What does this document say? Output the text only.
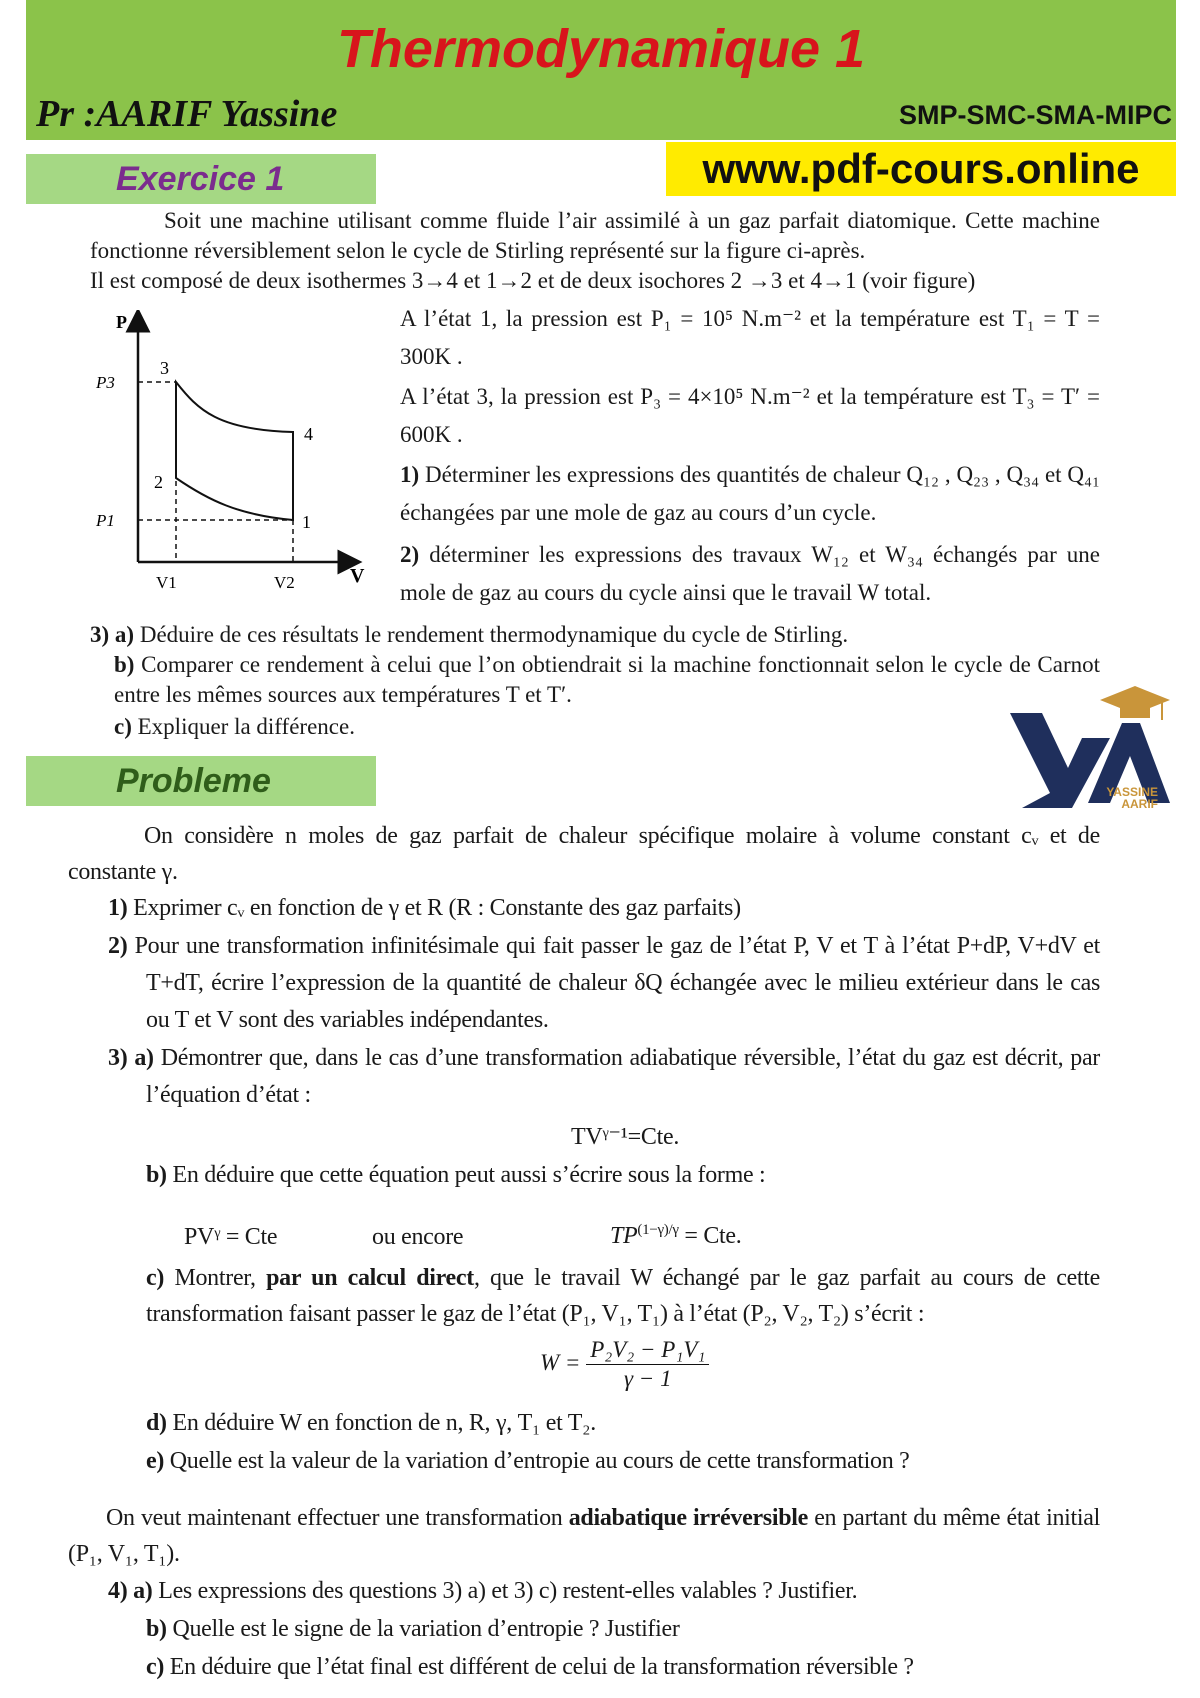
Thermodynamique 1
Pr :AARIF Yassine	SMP-SMC-SMA-MIPC
www.pdf-cours.online
Exercice 1
Soit une machine utilisant comme fluide l’air assimilé à un gaz parfait diatomique. Cette machine fonctionne réversiblement selon le cycle de Stirling représenté sur la figure ci-après.
Il est composé de deux isothermes 3→4 et 1→2 et de deux isochores 2 →3 et 4→1 (voir figure)
P
V
P3
P1
V1	V2
3
4
2
1
A l’état 1, la pression est P₁ = 10⁵ N.m⁻² et la température est T₁ = T = 300K .
A l’état 3, la pression est P₃ = 4×10⁵ N.m⁻² et la température est T₃ = T′ = 600K .
1) Déterminer les expressions des quantités de chaleur Q₁₂ , Q₂₃ , Q₃₄ et Q₄₁ échangées par une mole de gaz au cours d’un cycle.
2) déterminer les expressions des travaux W₁₂ et W₃₄ échangés par une mole de gaz au cours du cycle ainsi que le travail W total.
3) a) Déduire de ces résultats le rendement thermodynamique du cycle de Stirling.
b) Comparer ce rendement à celui que l’on obtiendrait si la machine fonctionnait selon le cycle de Carnot entre les mêmes sources aux températures T et T′.
c) Expliquer la différence.
YASSINE
AARIF
Probleme
On considère n moles de gaz parfait de chaleur spécifique molaire à volume constant cᵥ et de constante γ.
1) Exprimer cᵥ en fonction de γ et R (R : Constante des gaz parfaits)
2) Pour une transformation infinitésimale qui fait passer le gaz de l’état P, V et T à l’état P+dP, V+dV et T+dT, écrire l’expression de la quantité de chaleur δQ échangée avec le milieu extérieur dans le cas ou T et V sont des variables indépendantes.
3) a) Démontrer que, dans le cas d’une transformation adiabatique réversible, l’état du gaz est décrit, par l’équation d’état :
TVᵞ⁻¹=Cte.
b) En déduire que cette équation peut aussi s’écrire sous la forme :
PVᵞ = Cte	ou encore	$TP^{(1-\gamma)/\gamma}$ = Cte.
c) Montrer, par un calcul direct, que le travail W échangé par le gaz parfait au cours de cette transformation faisant passer le gaz de l’état (P₁, V₁, T₁) à l’état (P₂, V₂, T₂) s’écrit :
$W = \frac{\text{P₂V₂ − P₁V₁}}{\gamma - 1}$
d) En déduire W en fonction de n, R, γ, T₁ et T₂.
e) Quelle est la valeur de la variation d’entropie au cours de cette transformation ?
On veut maintenant effectuer une transformation adiabatique irréversible en partant du même état initial (P₁, V₁, T₁).
4) a) Les expressions des questions 3) a) et 3) c) restent-elles valables ? Justifier.
b) Quelle est le signe de la variation d’entropie ? Justifier
c) En déduire que l’état final est différent de celui de la transformation réversible ?
